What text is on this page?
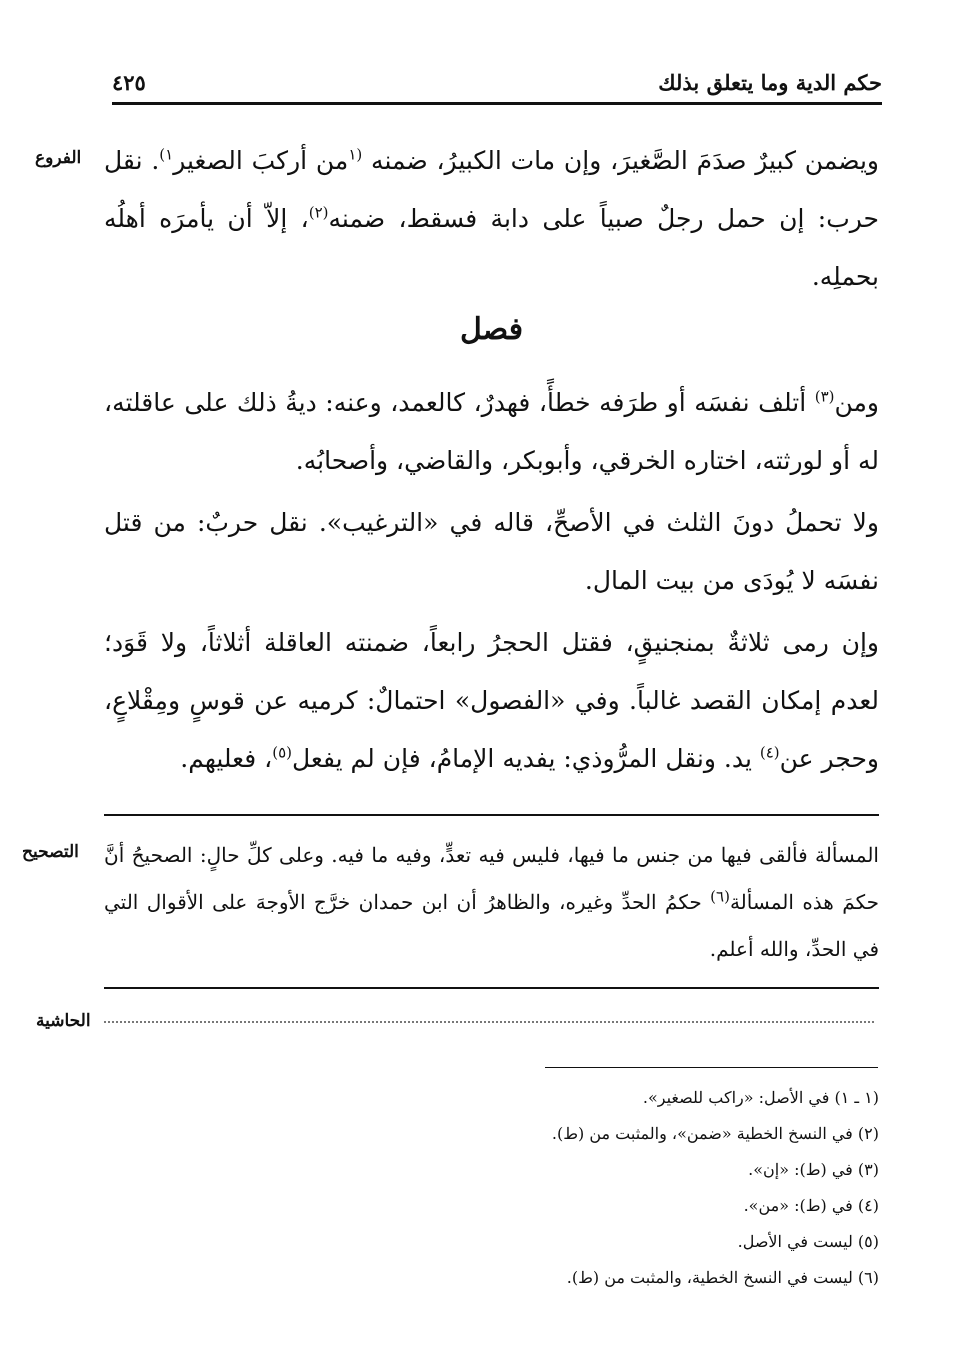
حكم الدية وما يتعلق بذلك
٤٢٥
الفروع	ويضمن كبيرٌ صدَمَ الصَّغيرَ، وإن مات الكبيرُ، ضمنه $^{(١}$من أركبَ الصغير$^{١)}$. نقل حرب: إن حمل رجلٌ صبياً على دابة فسقط، ضمنه$^{(٢)}$، إلاّ أن يأمرَه أهلُه بحملِه.

فصل

ومن$^{(٣)}$ أتلف نفسَه أو طرَفه خطأً، فهدرٌ، كالعمد، وعنه: ديةُ ذلك على عاقلته، له أو لورثته، اختاره الخرقي، وأبوبكر، والقاضي، وأصحابُه.

ولا تحملُ دونَ الثلث في الأصحِّ، قاله في «الترغيب». نقل حربٌ: من قتل نفسَه لا يُودَى من بيت المال.

وإن رمى ثلاثةٌ بمنجنيقٍ، فقتل الحجرُ رابعاً، ضمنته العاقلة أثلاثاً، ولا قَوَد؛ لعدم إمكان القصد غالباً. وفي «الفصول» احتمالٌ: كرميه عن قوسٍ ومِقْلاعٍ، وحجر عن$^{(٤)}$ يد. ونقل المرُّوذي: يفديه الإمامُ، فإن لم يفعل$^{(٥)}$، فعليهم.

التصحيح المسألة فألقى فيها من جنس ما فيها، فليس فيه تعدٍّ، وفيه ما فيه. وعلى كلِّ حالٍ: الصحيحُ أنَّ حكمَ هذه المسألة$^{(٦)}$ حكمُ الحدِّ وغيره، والظاهرُ أن ابن حمدان خرَّج الأوجهَ على الأقوال التي في الحدِّ، والله أعلم.

الحاشية
(١ ـ ١) في الأصل: «راكب للصغير».
(٢) في النسخ الخطية «ضمن»، والمثبت من (ط).
(٣) في (ط): «إن».
(٤) في (ط): «من».
(٥) ليست في الأصل.
(٦) ليست في النسخ الخطية، والمثبت من (ط).
